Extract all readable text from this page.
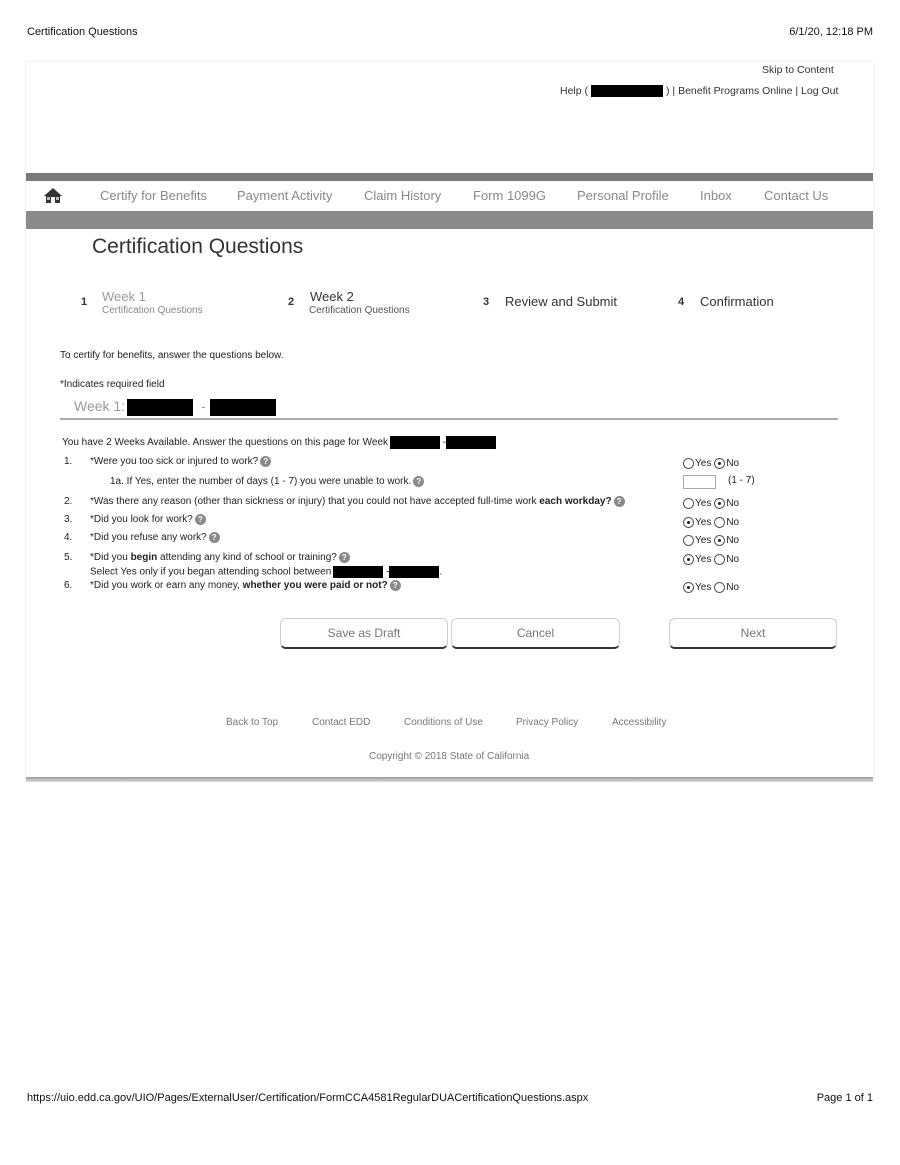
Certification Questions	6/1/20, 12:18 PM
Skip to Content
Help (	) | Benefit Programs Online | Log Out
Certify for Benefits Payment Activity Claim History Form 1099G Personal Profile Inbox Contact Us
Certification Questions
1 Week 1
Certification Questions
2 Week 2
Certification Questions
3 Review and Submit	4 Confirmation
To certify for benefits, answer the questions below.
*Indicates required field
Week 1:	-
You have 2 Weeks Available. Answer the questions on this page for Week	-
1. *Were you too sick or injured to work? ?	Yes No
1a. If Yes, enter the number of days (1 - 7) you were unable to work. ?	(1 - 7)
2. *Was there any reason (other than sickness or injury) that you could not have accepted full-time work each workday? ?	Yes No
3. *Did you look for work? ?	Yes No
4. *Did you refuse any work? ?	Yes No
5. *Did you begin attending any kind of school or training? ?
Select Yes only if you began attending school between	-	.
Yes No
6. *Did you work or earn any money, whether you were paid or not? ?	Yes No
Save as Draft	Cancel	Next
Back to Top	Contact EDD	Conditions of Use	Privacy Policy	Accessibility
Copyright © 2018 State of California
https://uio.edd.ca.gov/UIO/Pages/ExternalUser/Certification/FormCCA4581RegularDUACertificationQuestions.aspx	Page 1 of 1
